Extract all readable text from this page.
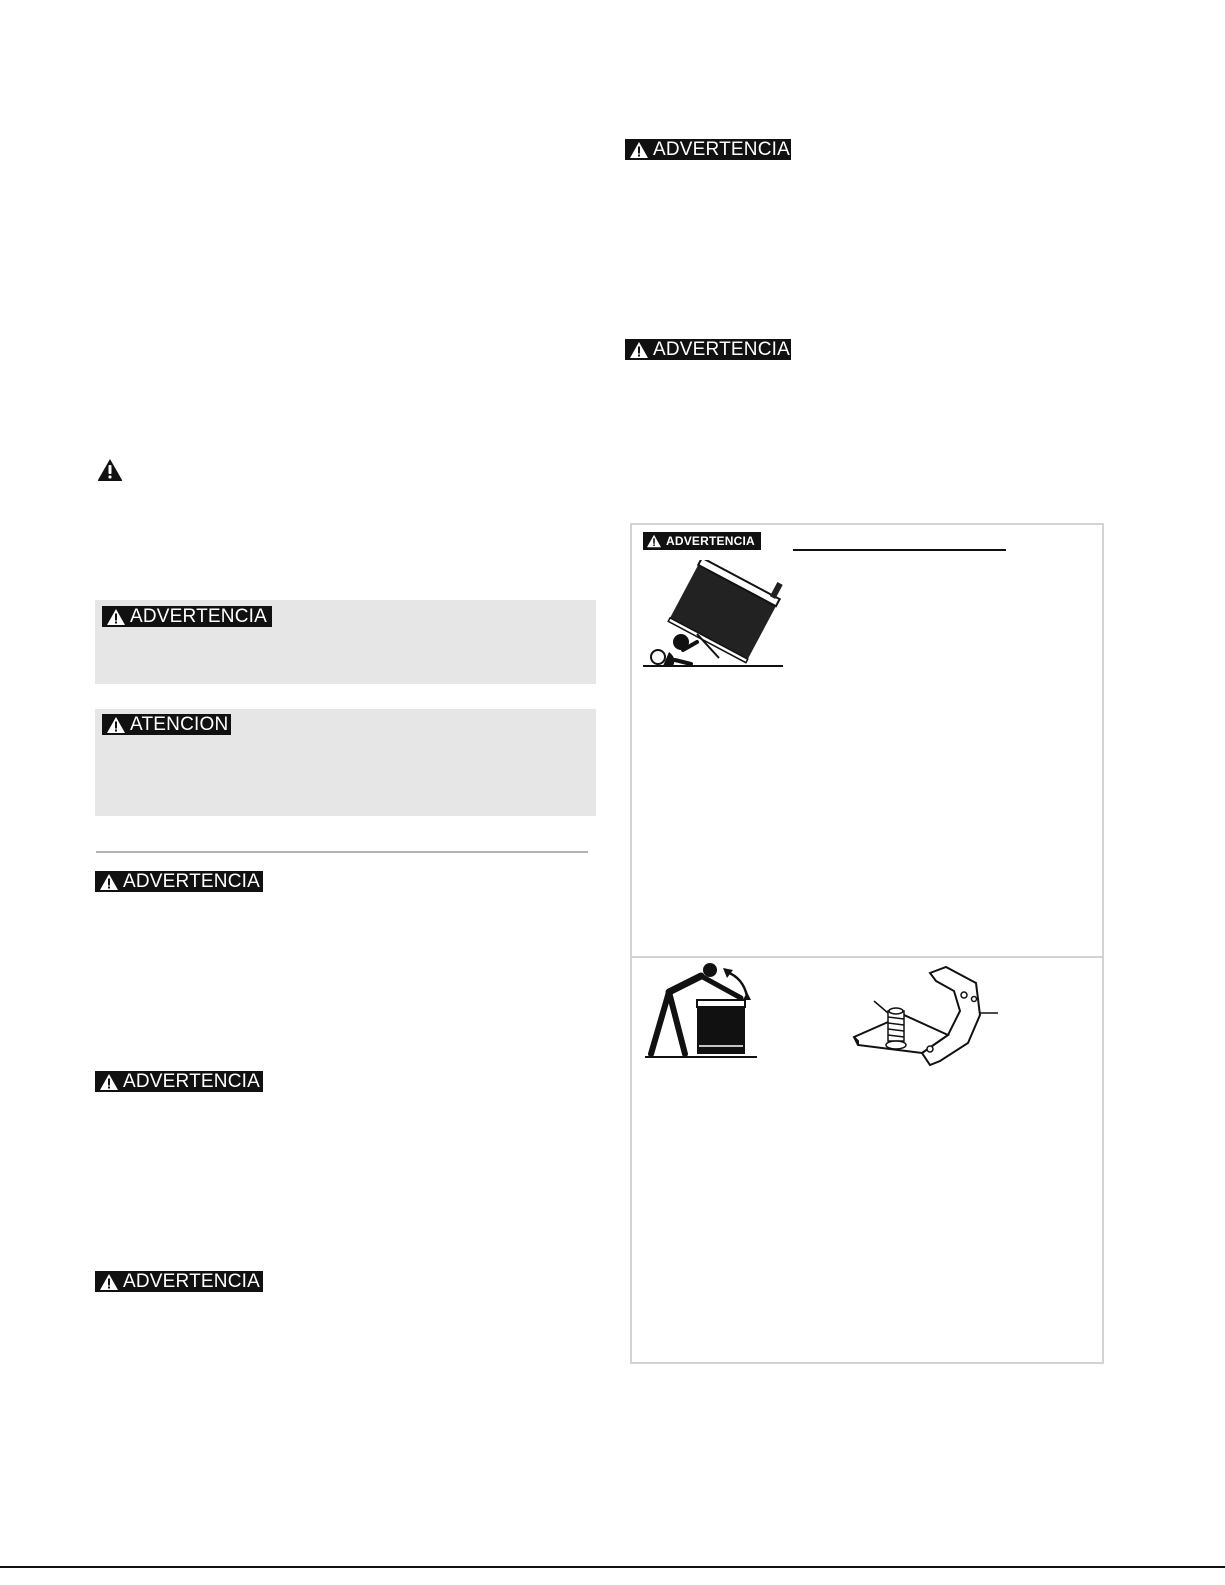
ADVERTENCIA
ADVERTENCIA
ADVERTENCIA
ATENCION
ADVERTENCIA
ADVERTENCIA
ADVERTENCIA
ADVERTENCIA
